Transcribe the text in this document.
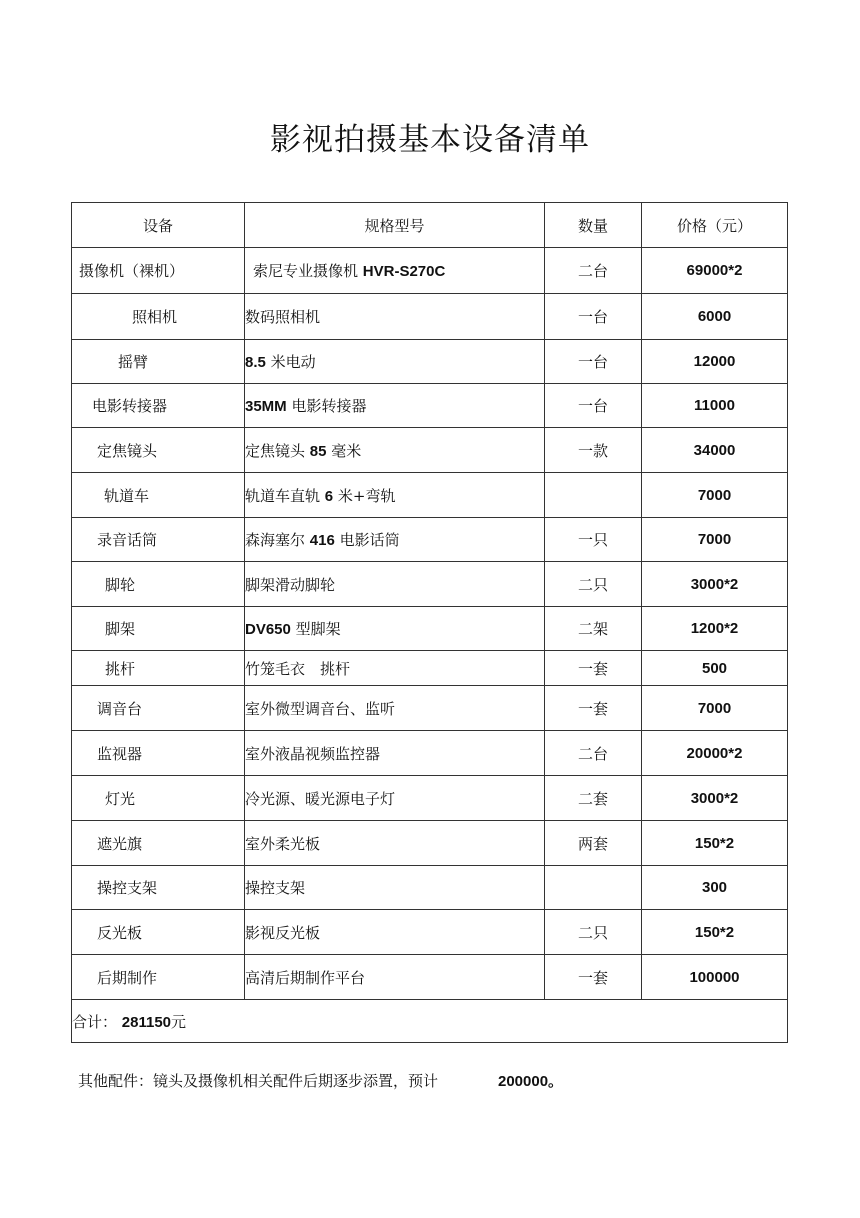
影视拍摄基本设备清单
设备	规格型号	数量	价格（元）
摄像机（裸机）	索尼专业摄像机 HVR-S270C	二台	69000*2
照相机	数码照相机	一台	6000
摇臂	8.5 米电动	一台	12000
电影转接器	35MM 电影转接器	一台	11000
定焦镜头	定焦镜头 85 毫米	一款	34000
轨道车	轨道车直轨 6 米+弯轨		7000
录音话筒	森海塞尔 416 电影话筒	一只	7000
脚轮	脚架滑动脚轮	二只	3000*2
脚架	DV650 型脚架	二架	1200*2
挑杆	竹笼毛衣　挑杆	一套	500
调音台	室外微型调音台、监听	一套	7000
监视器	室外液晶视频监控器	二台	20000*2
灯光	冷光源、暖光源电子灯	二套	3000*2
遮光旗	室外柔光板	两套	150*2
操控支架	操控支架		300
反光板	影视反光板	二只	150*2
后期制作	高清后期制作平台	一套	100000
合计： 281150元			
其他配件：镜头及摄像机相关配件后期逐步添置，预计	200000。
